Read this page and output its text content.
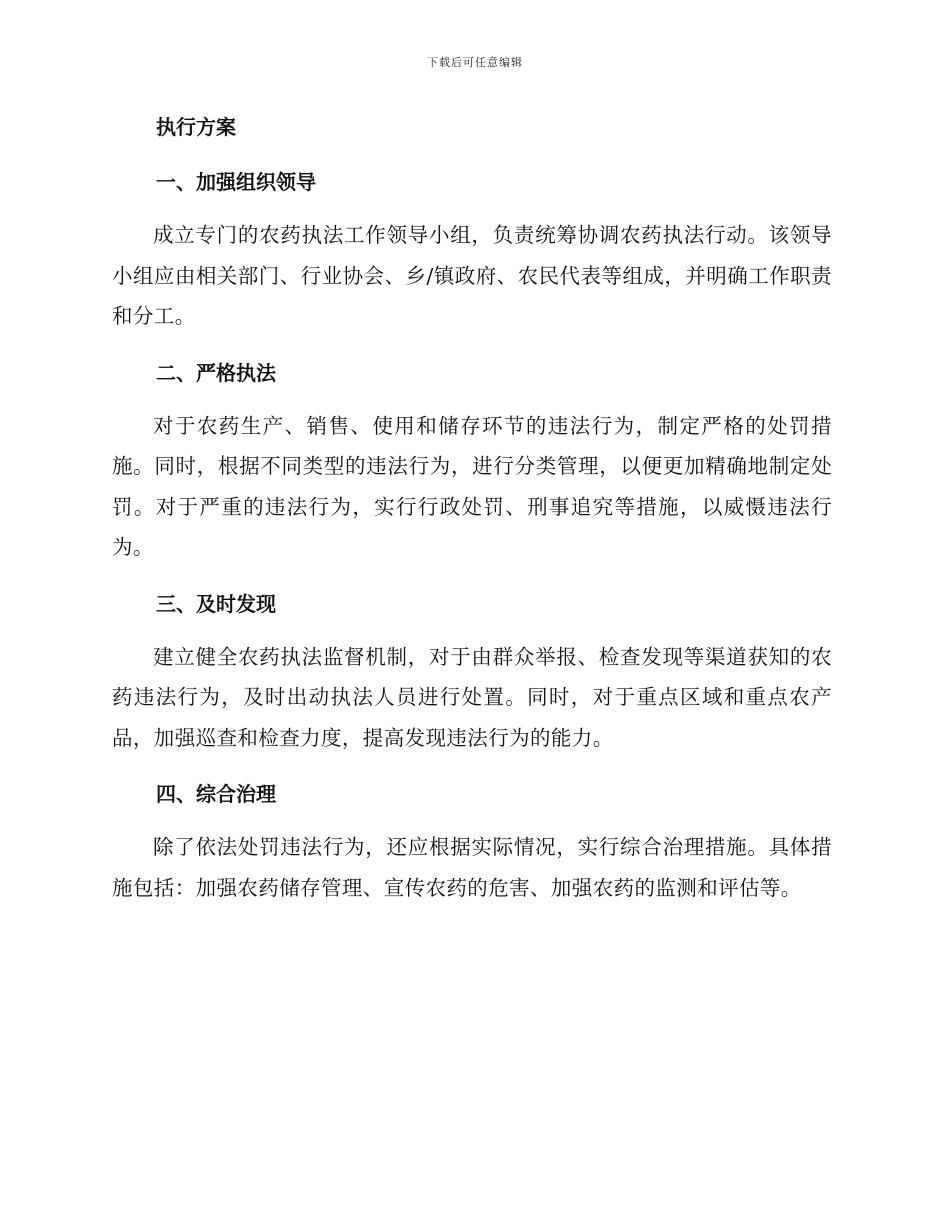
下载后可任意编辑
执行方案
一、加强组织领导

成立专门的农药执法工作领导小组，负责统筹协调农药执法行动。该领导小组应由相关部门、行业协会、乡/镇政府、农民代表等组成，并明确工作职责和分工。

二、严格执法

对于农药生产、销售、使用和储存环节的违法行为，制定严格的处罚措施。同时，根据不同类型的违法行为，进行分类管理，以便更加精确地制定处罚。对于严重的违法行为，实行行政处罚、刑事追究等措施，以威慑违法行为。

三、及时发现

建立健全农药执法监督机制，对于由群众举报、检查发现等渠道获知的农药违法行为，及时出动执法人员进行处置。同时，对于重点区域和重点农产品，加强巡查和检查力度，提高发现违法行为的能力。

四、综合治理

除了依法处罚违法行为，还应根据实际情况，实行综合治理措施。具体措施包括：加强农药储存管理、宣传农药的危害、加强农药的监测和评估等。
